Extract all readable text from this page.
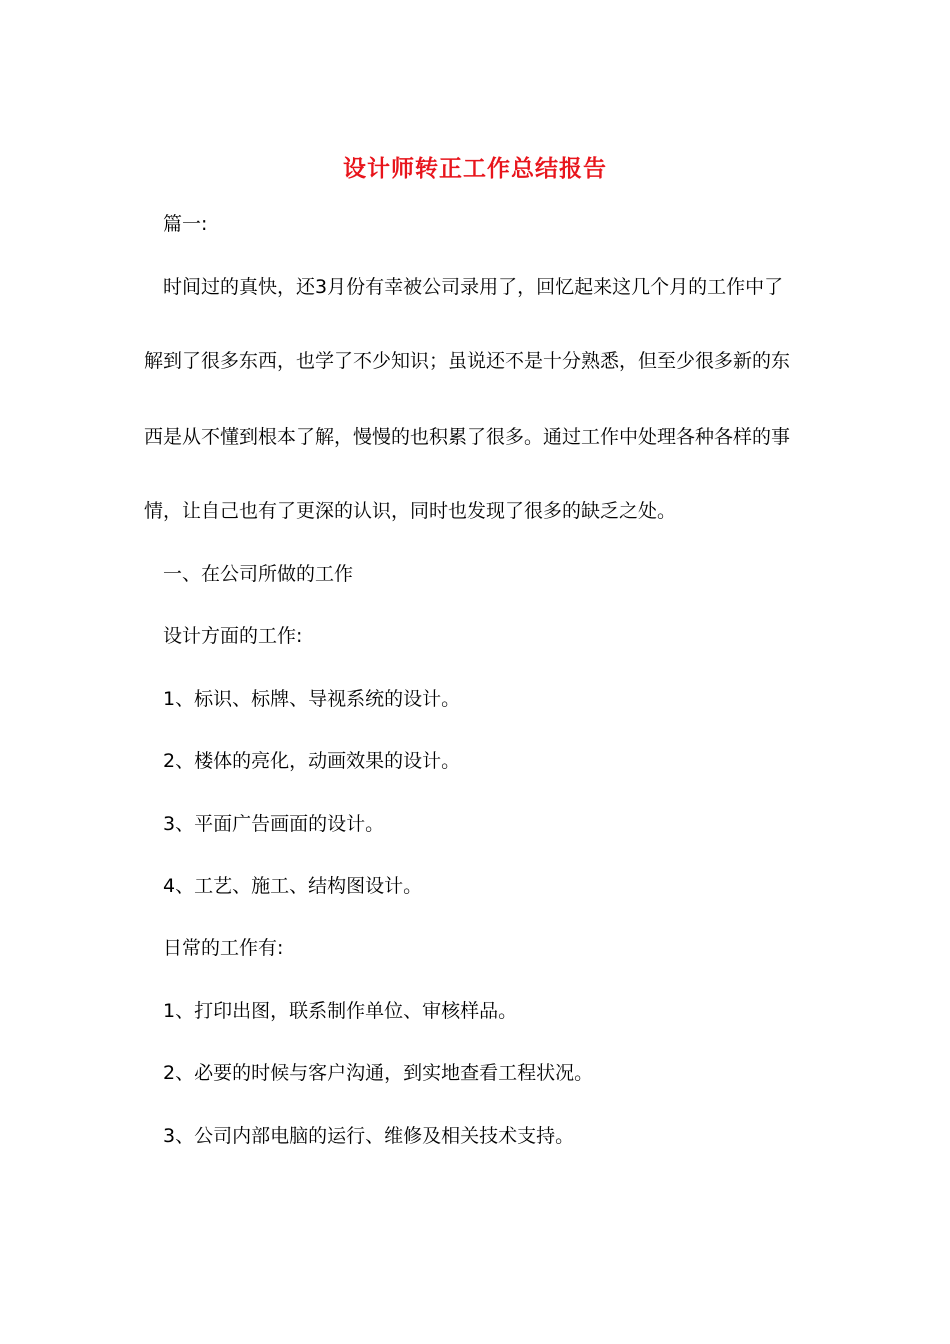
设计师转正工作总结报告
篇一:
时间过的真快，还3月份有幸被公司录用了，回忆起来这几个月的工作中了
解到了很多东西，也学了不少知识；虽说还不是十分熟悉，但至少很多新的东
西是从不懂到根本了解，慢慢的也积累了很多。通过工作中处理各种各样的事
情，让自己也有了更深的认识，同时也发现了很多的缺乏之处。
一、在公司所做的工作
设计方面的工作:
1、标识、标牌、导视系统的设计。
2、楼体的亮化，动画效果的设计。
3、平面广告画面的设计。
4、工艺、施工、结构图设计。
日常的工作有:
1、打印出图，联系制作单位、审核样品。
2、必要的时候与客户沟通，到实地查看工程状况。
3、公司内部电脑的运行、维修及相关技术支持。
